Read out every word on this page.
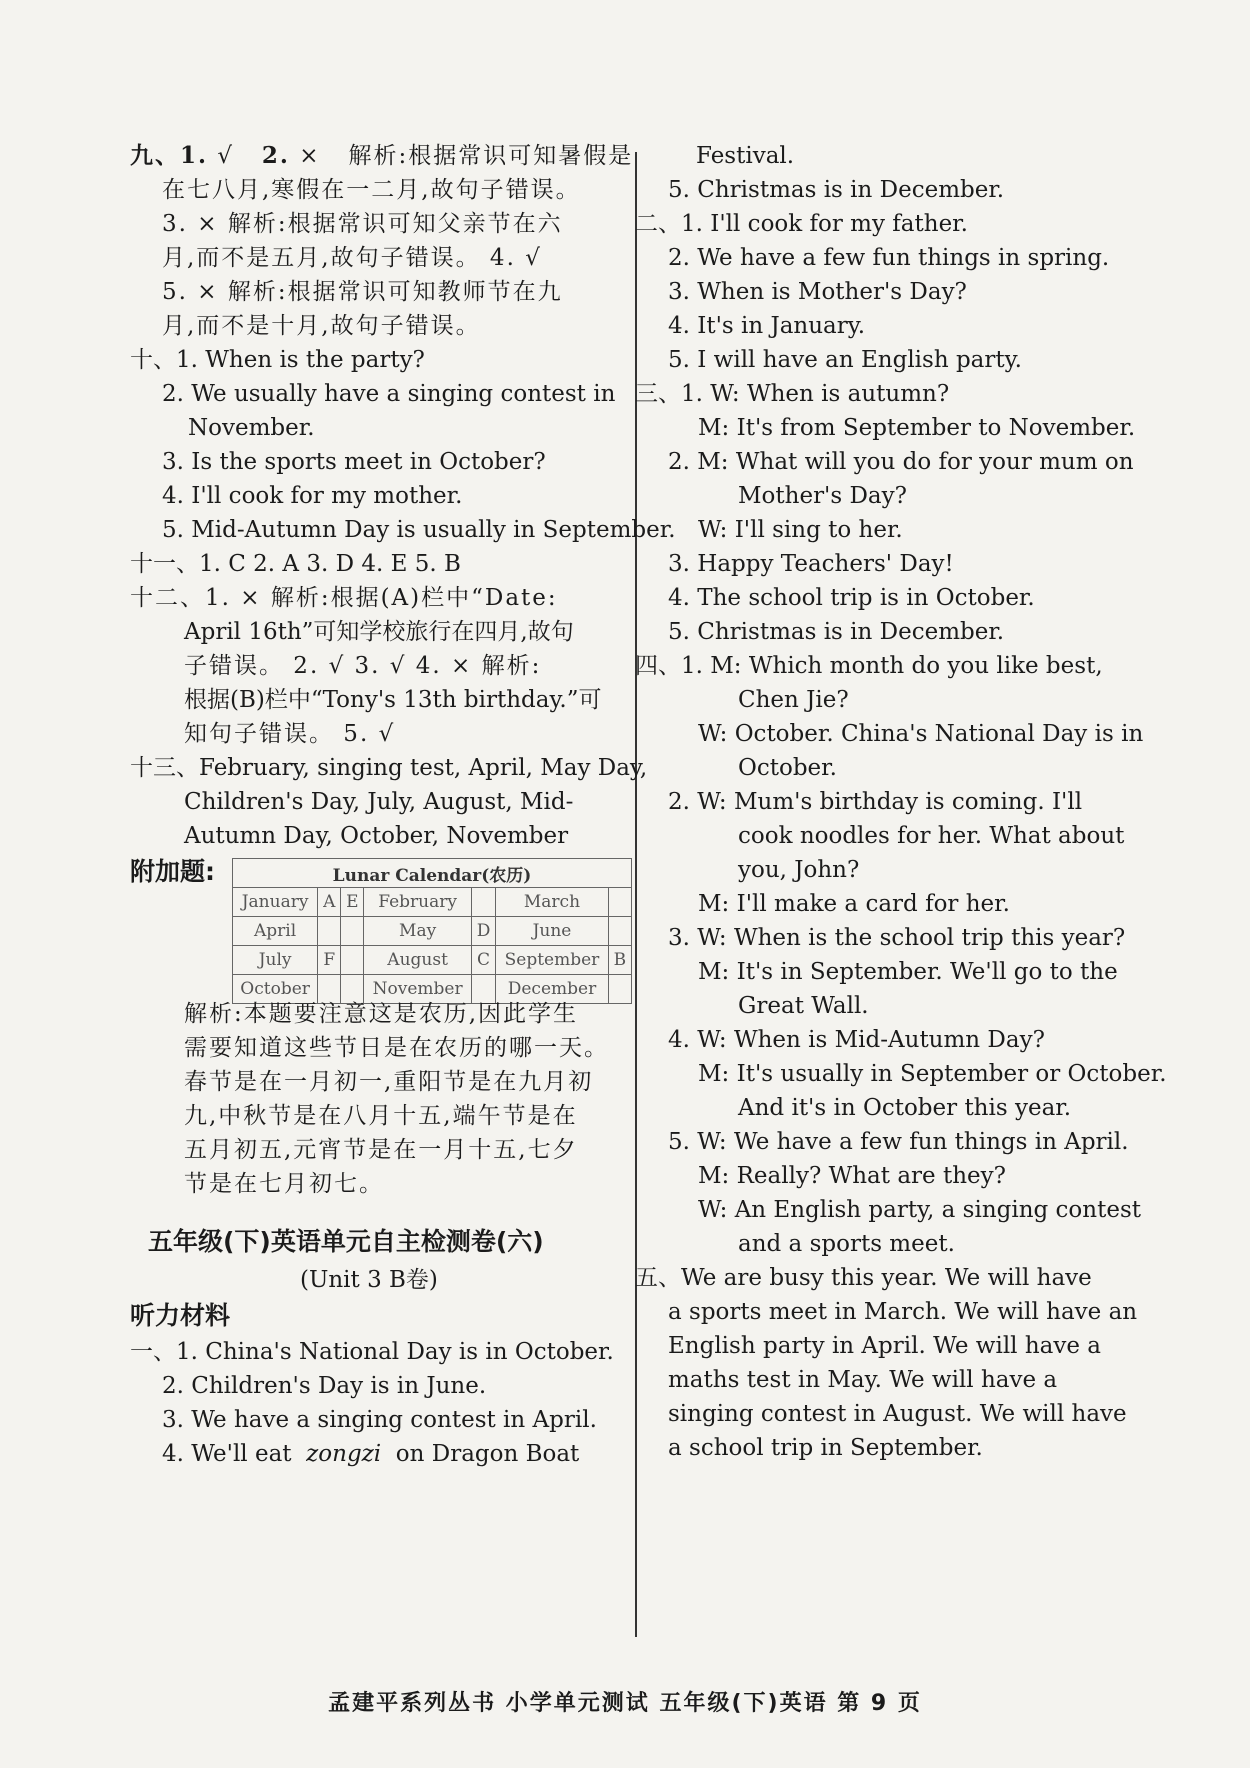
九、1. √ 2. × 解析:根据常识可知暑假是
在七八月,寒假在一二月,故句子错误。
3. × 解析:根据常识可知父亲节在六
月,而不是五月,故句子错误。 4. √
5. × 解析:根据常识可知教师节在九
月,而不是十月,故句子错误。
十、1. When is the party?
2. We usually have a singing contest in
November.
3. Is the sports meet in October?
4. I'll cook for my mother.
5. Mid-Autumn Day is usually in September.
十一、1. C 2. A 3. D 4. E 5. B
十二、1. × 解析:根据(A)栏中“Date:
April 16th”可知学校旅行在四月,故句
子错误。 2. √ 3. √ 4. × 解析:
根据(B)栏中“Tony's 13th birthday.”可
知句子错误。 5. √
十三、February, singing test, April, May Day,
Children's Day, July, August, Mid-
Autumn Day, October, November
附加题:	Lunar Calendar(农历)						
January	A	E	February		March	
April			May	D	June	
July	F		August	C	September	B
October			November		December	
解析:本题要注意这是农历,因此学生
需要知道这些节日是在农历的哪一天。
春节是在一月初一,重阳节是在九月初
九,中秋节是在八月十五,端午节是在
五月初五,元宵节是在一月十五,七夕
节是在七月初七。
五年级(下)英语单元自主检测卷(六)
(Unit 3 B卷)
听力材料
一、1. China's National Day is in October.
2. Children's Day is in June.
3. We have a singing contest in April.
4. We'll eat zongzi on Dragon Boat
Festival.
5. Christmas is in December.
二、1. I'll cook for my father.
2. We have a few fun things in spring.
3. When is Mother's Day?
4. It's in January.
5. I will have an English party.
三、1. W: When is autumn?
M: It's from September to November.
2. M: What will you do for your mum on
Mother's Day?
W: I'll sing to her.
3. Happy Teachers' Day!
4. The school trip is in October.
5. Christmas is in December.
四、1. M: Which month do you like best,
Chen Jie?
W: October. China's National Day is in
October.
2. W: Mum's birthday is coming. I'll
cook noodles for her. What about
you, John?
M: I'll make a card for her.
3. W: When is the school trip this year?
M: It's in September. We'll go to the
Great Wall.
4. W: When is Mid-Autumn Day?
M: It's usually in September or October.
And it's in October this year.
5. W: We have a few fun things in April.
M: Really? What are they?
W: An English party, a singing contest
and a sports meet.
五、We are busy this year. We will have
a sports meet in March. We will have an
English party in April. We will have a
maths test in May. We will have a
singing contest in August. We will have
a school trip in September.
孟建平系列丛书 小学单元测试 五年级(下)英语 第 9 页
